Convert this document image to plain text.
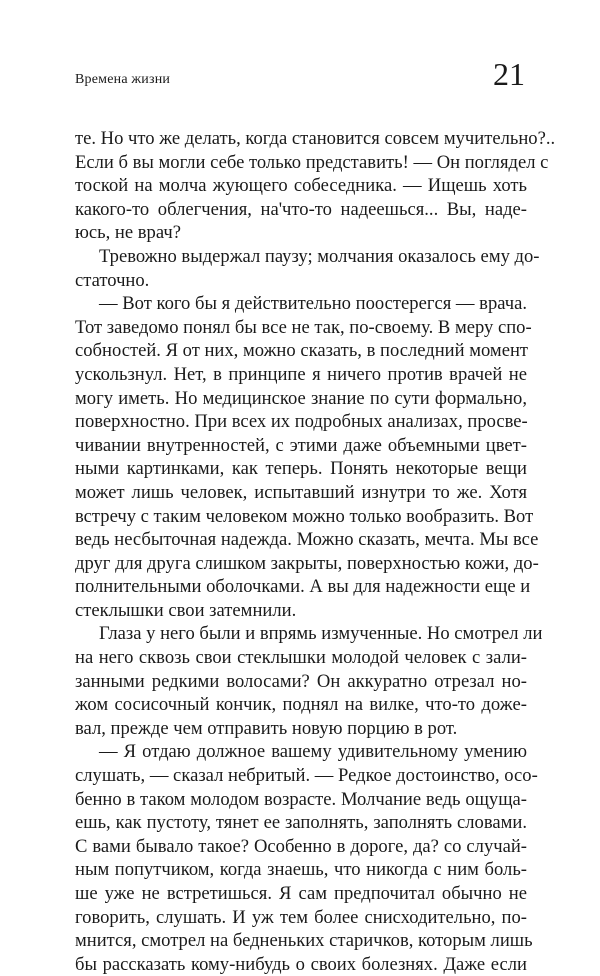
Времена жизни	21
те. Но что же делать, когда становится совсем мучительно?..
Если б вы могли себе только представить! — Он поглядел с
тоской на молча жующего собеседника. — Ищешь хоть
какого-то облегчения, на'что-то надеешься... Вы, наде-
юсь, не врач?
Тревожно выдержал паузу; молчания оказалось ему до-
статочно.
— Вот кого бы я действительно поостерегся — врача.
Тот заведомо понял бы все не так, по-своему. В меру спо-
собностей. Я от них, можно сказать, в последний момент
ускользнул. Нет, в принципе я ничего против врачей не
могу иметь. Но медицинское знание по сути формально,
поверхностно. При всех их подробных анализах, просве-
чивании внутренностей, с этими даже объемными цвет-
ными картинками, как теперь. Понять некоторые вещи
может лишь человек, испытавший изнутри то же. Хотя
встречу с таким человеком можно только вообразить. Вот
ведь несбыточная надежда. Можно сказать, мечта. Мы все
друг для друга слишком закрыты, поверхностью кожи, до-
полнительными оболочками. А вы для надежности еще и
стеклышки свои затемнили.
Глаза у него были и впрямь измученные. Но смотрел ли
на него сквозь свои стеклышки молодой человек с зали-
занными редкими волосами? Он аккуратно отрезал но-
жом сосисочный кончик, поднял на вилке, что-то дожe-
вал, прежде чем отправить новую порцию в рот.
— Я отдаю должное вашему удивительному умению
слушать, — сказал небритый. — Редкое достоинство, осо-
бенно в таком молодом возрасте. Молчание ведь ощуща-
ешь, как пустоту, тянет ее заполнять, заполнять словами.
С вами бывало такое? Особенно в дороге, да? со случай-
ным попутчиком, когда знаешь, что никогда с ним боль-
ше уже не встретишься. Я сам предпочитал обычно не
говорить, слушать. И уж тем более снисходительно, по-
мнится, смотрел на бедненьких старичков, которым лишь
бы рассказать кому-нибудь о своих болезнях. Даже если
